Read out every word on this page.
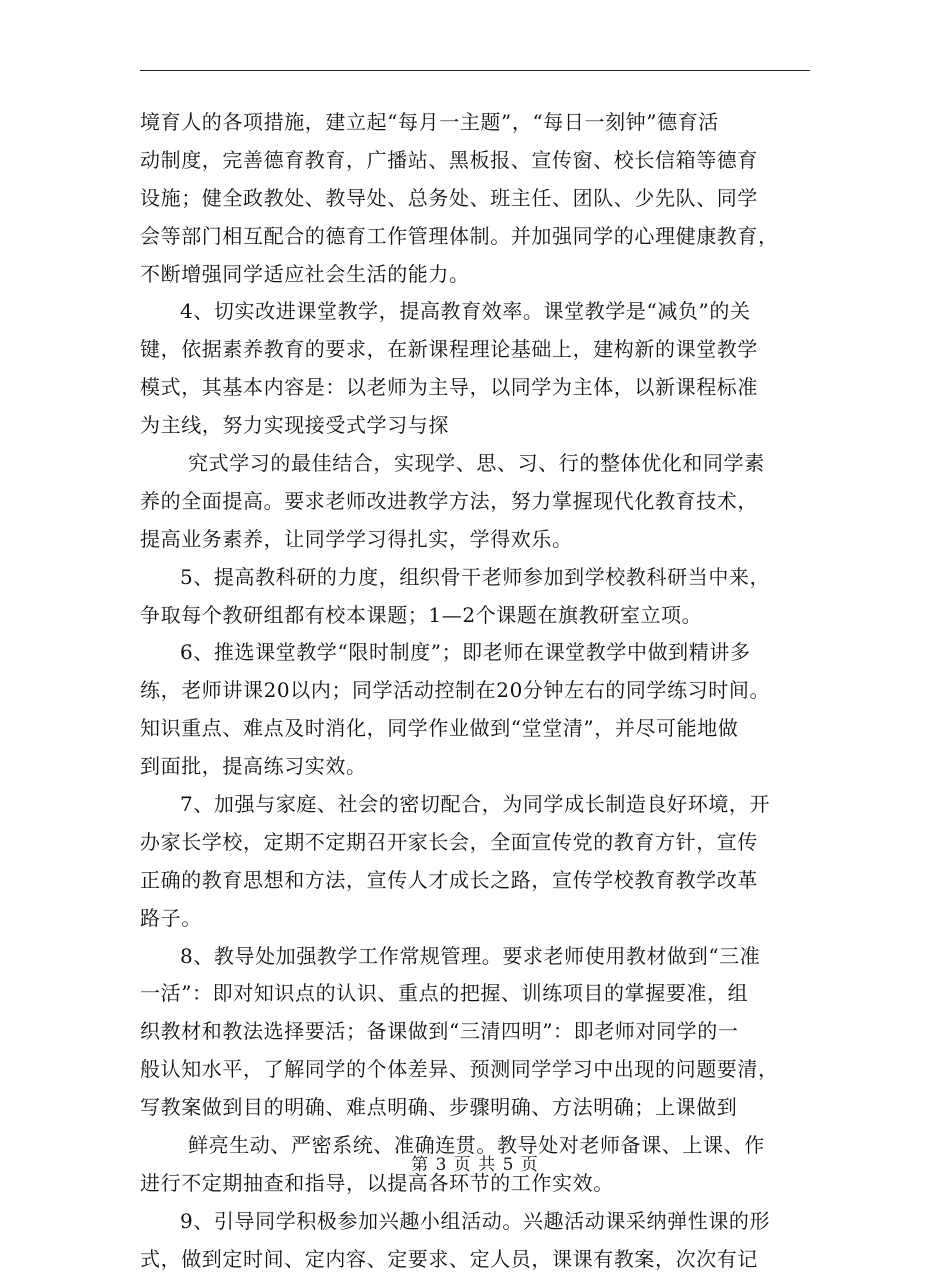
境育人的各项措施，建立起“每月一主题”，“每日一刻钟”德育活
动制度，完善德育教育，广播站、黑板报、宣传窗、校长信箱等德育
设施；健全政教处、教导处、总务处、班主任、团队、少先队、同学
会等部门相互配合的德育工作管理体制。并加强同学的心理健康教育，
不断增强同学适应社会生活的能力。
4、切实改进课堂教学，提高教育效率。课堂教学是“减负”的关
键，依据素养教育的要求，在新课程理论基础上，建构新的课堂教学
模式，其基本内容是：以老师为主导，以同学为主体，以新课程标准
为主线，努力实现接受式学习与探
究式学习的最佳结合，实现学、思、习、行的整体优化和同学素
养的全面提高。要求老师改进教学方法，努力掌握现代化教育技术，
提高业务素养，让同学学习得扎实，学得欢乐。
5、提高教科研的力度，组织骨干老师参加到学校教科研当中来，
争取每个教研组都有校本课题；1—2个课题在旗教研室立项。
6、推选课堂教学“限时制度”；即老师在课堂教学中做到精讲多
练，老师讲课20以内；同学活动控制在20分钟左右的同学练习时间。
知识重点、难点及时消化，同学作业做到“堂堂清”，并尽可能地做
到面批，提高练习实效。
7、加强与家庭、社会的密切配合，为同学成长制造良好环境，开
办家长学校，定期不定期召开家长会，全面宣传党的教育方针，宣传
正确的教育思想和方法，宣传人才成长之路，宣传学校教育教学改革
路子。
8、教导处加强教学工作常规管理。要求老师使用教材做到“三准
一活”：即对知识点的认识、重点的把握、训练项目的掌握要准，组
织教材和教法选择要活；备课做到“三清四明”：即老师对同学的一
般认知水平，了解同学的个体差异、预测同学学习中出现的问题要清，
写教案做到目的明确、难点明确、步骤明确、方法明确；上课做到
鲜亮生动、严密系统、准确连贯。教导处对老师备课、上课、作
进行不定期抽查和指导，以提高各环节的工作实效。
9、引导同学积极参加兴趣小组活动。兴趣活动课采纳弹性课的形
式，做到定时间、定内容、定要求、定人员，课课有教案，次次有记
第 3 页 共 5 页
